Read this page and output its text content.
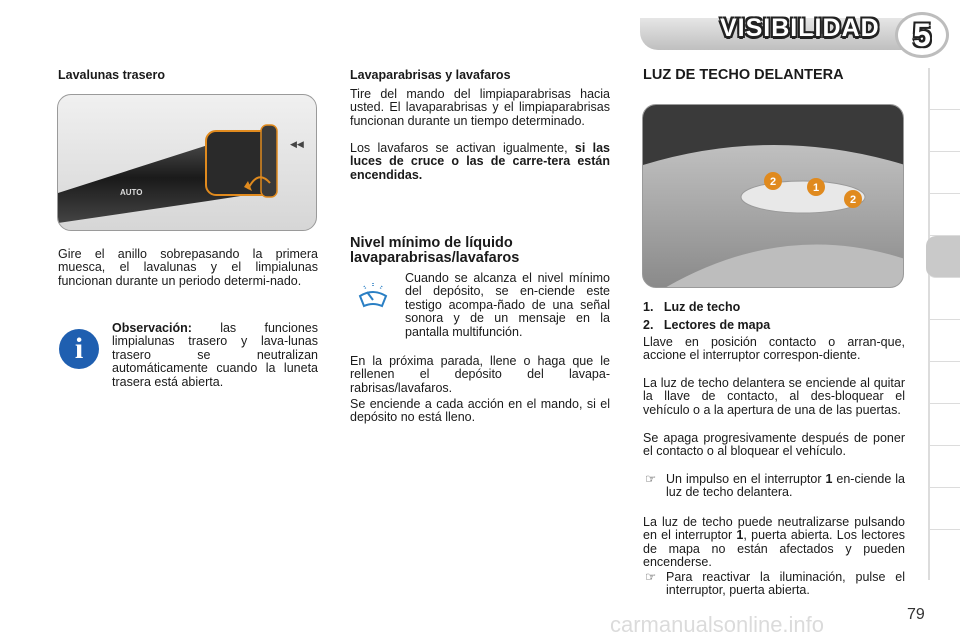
VISIBILIDAD	5
Lavalunas trasero
AUTO
◀◀
Gire el anillo sobrepasando la primera muesca, el lavalunas y el limpialunas funcionan durante un periodo determi-nado.
i
Observación: las funciones limpialunas trasero y lava-lunas trasero se neutralizan automáticamente cuando la luneta trasera está abierta.
Lavaparabrisas y lavafaros
Tire del mando del limpiaparabrisas hacia usted. El lavaparabrisas y el limpiaparabrisas funcionan durante un tiempo determinado.
Los lavafaros se activan igualmente, si las luces de cruce o las de carre-tera están encendidas.
Nivel mínimo de líquido lavaparabrisas/lavafaros
Cuando se alcanza el nivel mínimo del depósito, se en-ciende este testigo acompa-ñado de una señal sonora y de un mensaje en la pantalla multifunción.
En la próxima parada, llene o haga que le rellenen el depósito del lavapa-rabrisas/lavafaros.
Se enciende a cada acción en el mando, si el depósito no está lleno.
LUZ DE TECHO DELANTERA
2	1
2
1. Luz de techo
2. Lectores de mapa
Llave en posición contacto o arran-que, accione el interruptor correspon-diente.
La luz de techo delantera se enciende al quitar la llave de contacto, al des-bloquear el vehículo o a la apertura de una de las puertas.
Se apaga progresivamente después de poner el contacto o al bloquear el vehículo.
☞ Un impulso en el interruptor 1 en-ciende la luz de techo delantera.
La luz de techo puede neutralizarse pulsando en el interruptor 1, puerta abierta. Los lectores de mapa no están afectados y pueden encenderse.
☞ Para reactivar la iluminación, pulse el interruptor, puerta abierta.
79
carmanualsonline.info
